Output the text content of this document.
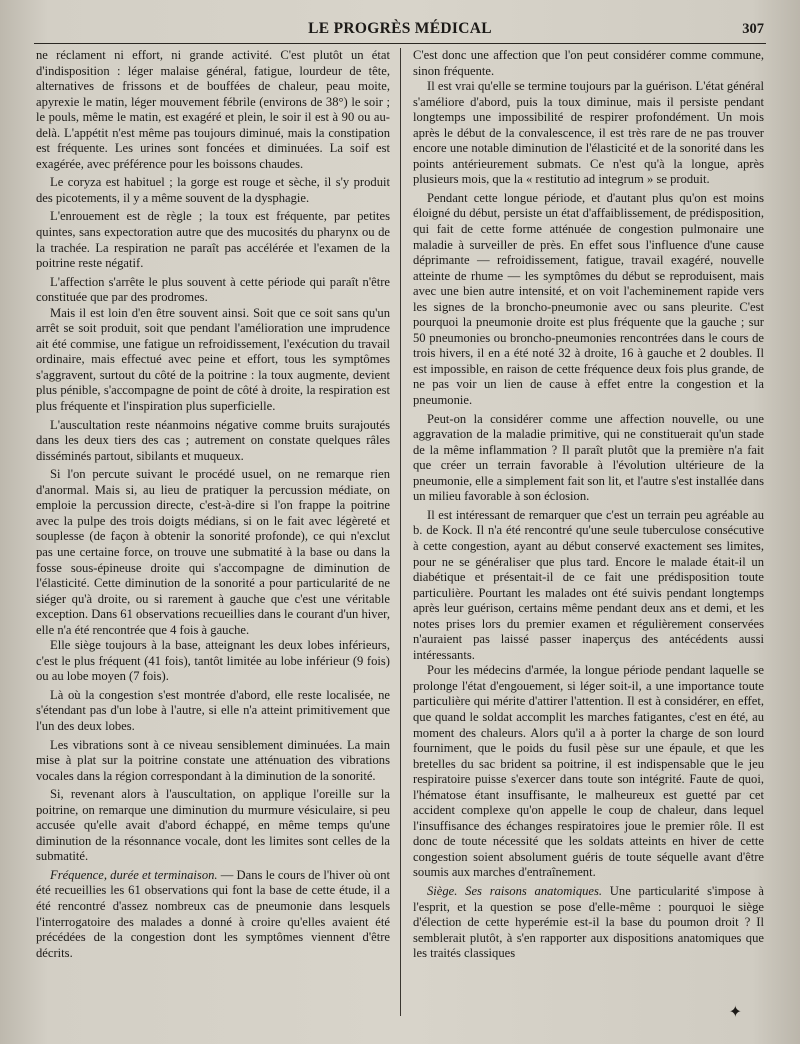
LE PROGRÈS MÉDICAL	307

ne réclament ni effort, ni grande activité. C'est plutôt un état d'indisposition : léger malaise général, fatigue, lourdeur de tête, alternatives de frissons et de bouffées de chaleur, peau moite, apyrexie le matin, léger mouvement fébrile (environs de 38°) le soir ; le pouls, même le matin, est exagéré et plein, le soir il est à 90 ou au-delà. L'appétit n'est même pas toujours diminué, mais la constipation est fréquente. Les urines sont foncées et diminuées. La soif est exagérée, avec préférence pour les boissons chaudes.

Le coryza est habituel ; la gorge est rouge et sèche, il s'y produit des picotements, il y a même souvent de la dysphagie.

L'enrouement est de règle ; la toux est fréquente, par petites quintes, sans expectoration autre que des mucosités du pharynx ou de la trachée. La respiration ne paraît pas accélérée et l'examen de la poitrine reste négatif.

L'affection s'arrête le plus souvent à cette période qui paraît n'être constituée que par des prodromes.

Mais il est loin d'en être souvent ainsi. Soit que ce soit sans qu'un arrêt se soit produit, soit que pendant l'amélioration une imprudence ait été commise, une fatigue un refroidissement, l'exécution du travail ordinaire, mais effectué avec peine et effort, tous les symptômes s'aggravent, surtout du côté de la poitrine : la toux augmente, devient plus pénible, s'accompagne de point de côté à droite, la respiration est plus fréquente et l'inspiration plus superficielle.

L'auscultation reste néanmoins négative comme bruits surajoutés dans les deux tiers des cas ; autrement on constate quelques râles disséminés partout, sibilants et muqueux.

Si l'on percute suivant le procédé usuel, on ne remarque rien d'anormal. Mais si, au lieu de pratiquer la percussion médiate, on emploie la percussion directe, c'est-à-dire si l'on frappe la poitrine avec la pulpe des trois doigts médians, si on le fait avec légèreté et souplesse (de façon à obtenir la sonorité profonde), ce qui n'exclut pas une certaine force, on trouve une submatité à la base ou dans la fosse sous-épineuse droite qui s'accompagne de diminution de l'élasticité. Cette diminution de la sonorité a pour particularité de ne siéger qu'à droite, ou si rarement à gauche que c'est une véritable exception. Dans 61 observations recueillies dans le courant d'un hiver, elle n'a été rencontrée que 4 fois à gauche.

Elle siège toujours à la base, atteignant les deux lobes inférieurs, c'est le plus fréquent (41 fois), tantôt limitée au lobe inférieur (9 fois) ou au lobe moyen (7 fois).

Là où la congestion s'est montrée d'abord, elle reste localisée, ne s'étendant pas d'un lobe à l'autre, si elle n'a atteint primitivement que l'un des deux lobes.

Les vibrations sont à ce niveau sensiblement diminuées. La main mise à plat sur la poitrine constate une atténuation des vibrations vocales dans la région correspondant à la diminution de la sonorité.

Si, revenant alors à l'auscultation, on applique l'oreille sur la poitrine, on remarque une diminution du murmure vésiculaire, si peu accusée qu'elle avait d'abord échappé, en même temps qu'une diminution de la résonnance vocale, dont les limites sont celles de la submatité.

Fréquence, durée et terminaison. — Dans le cours de l'hiver où ont été recueillies les 61 observations qui font la base de cette étude, il a été rencontré d'assez nombreux cas de pneumonie dans lesquels l'interrogatoire des malades a donné à croire qu'elles avaient été précédées de la congestion dont les symptômes viennent d'être décrits.

C'est donc une affection que l'on peut considérer comme commune, sinon fréquente.

Il est vrai qu'elle se termine toujours par la guérison. L'état général s'améliore d'abord, puis la toux diminue, mais il persiste pendant longtemps une impossibilité de respirer profondément. Un mois après le début de la convalescence, il est très rare de ne pas trouver encore une notable diminution de l'élasticité et de la sonorité dans les points antérieurement submats. Ce n'est qu'à la longue, après plusieurs mois, que la « restitutio ad integrum » se produit.

Pendant cette longue période, et d'autant plus qu'on est moins éloigné du début, persiste un état d'affaiblissement, de prédisposition, qui fait de cette forme atténuée de congestion pulmonaire une maladie à surveiller de près. En effet sous l'influence d'une cause déprimante — refroidissement, fatigue, travail exagéré, nouvelle atteinte de rhume — les symptômes du début se reproduisent, mais avec une bien autre intensité, et on voit l'acheminement rapide vers les signes de la broncho-pneumonie avec ou sans pleurite. C'est pourquoi la pneumonie droite est plus fréquente que la gauche ; sur 50 pneumonies ou broncho-pneumonies rencontrées dans le cours de trois hivers, il en a été noté 32 à droite, 16 à gauche et 2 doubles. Il est impossible, en raison de cette fréquence deux fois plus grande, de ne pas voir un lien de cause à effet entre la congestion et la pneumonie.

Peut-on la considérer comme une affection nouvelle, ou une aggravation de la maladie primitive, qui ne constituerait qu'un stade de la même inflammation ? Il paraît plutôt que la première n'a fait que créer un terrain favorable à l'évolution ultérieure de la pneumonie, elle a simplement fait son lit, et l'autre s'est installée dans un milieu favorable à son éclosion.

Il est intéressant de remarquer que c'est un terrain peu agréable au b. de Kock. Il n'a été rencontré qu'une seule tuberculose consécutive à cette congestion, ayant au début conservé exactement ses limites, pour ne se généraliser que plus tard. Encore le malade était-il un diabétique et présentait-il de ce fait une prédisposition toute particulière. Pourtant les malades ont été suivis pendant longtemps après leur guérison, certains même pendant deux ans et demi, et les notes prises lors du premier examen et régulièrement conservées n'auraient pas laissé passer inaperçus des antécédents aussi intéressants.

Pour les médecins d'armée, la longue période pendant laquelle se prolonge l'état d'engouement, si léger soit-il, a une importance toute particulière qui mérite d'attirer l'attention. Il est à considérer, en effet, que quand le soldat accomplit les marches fatigantes, c'est en été, au moment des chaleurs. Alors qu'il a à porter la charge de son lourd fourniment, que le poids du fusil pèse sur une épaule, et que les bretelles du sac brident sa poitrine, il est indispensable que le jeu respiratoire puisse s'exercer dans toute son intégrité. Faute de quoi, l'hématose étant insuffisante, le malheureux est guetté par cet accident complexe qu'on appelle le coup de chaleur, dans lequel l'insuffisance des échanges respiratoires joue le premier rôle. Il est donc de toute nécessité que les soldats atteints en hiver de cette congestion soient absolument guéris de toute séquelle avant d'être soumis aux marches d'entraînement.

Siège. Ses raisons anatomiques. Une particularité s'impose à l'esprit, et la question se pose d'elle-même : pourquoi le siège d'élection de cette hyperémie est-il la base du poumon droit ? Il semblerait plutôt, à s'en rapporter aux dispositions anatomiques que les traités classiques

✦
